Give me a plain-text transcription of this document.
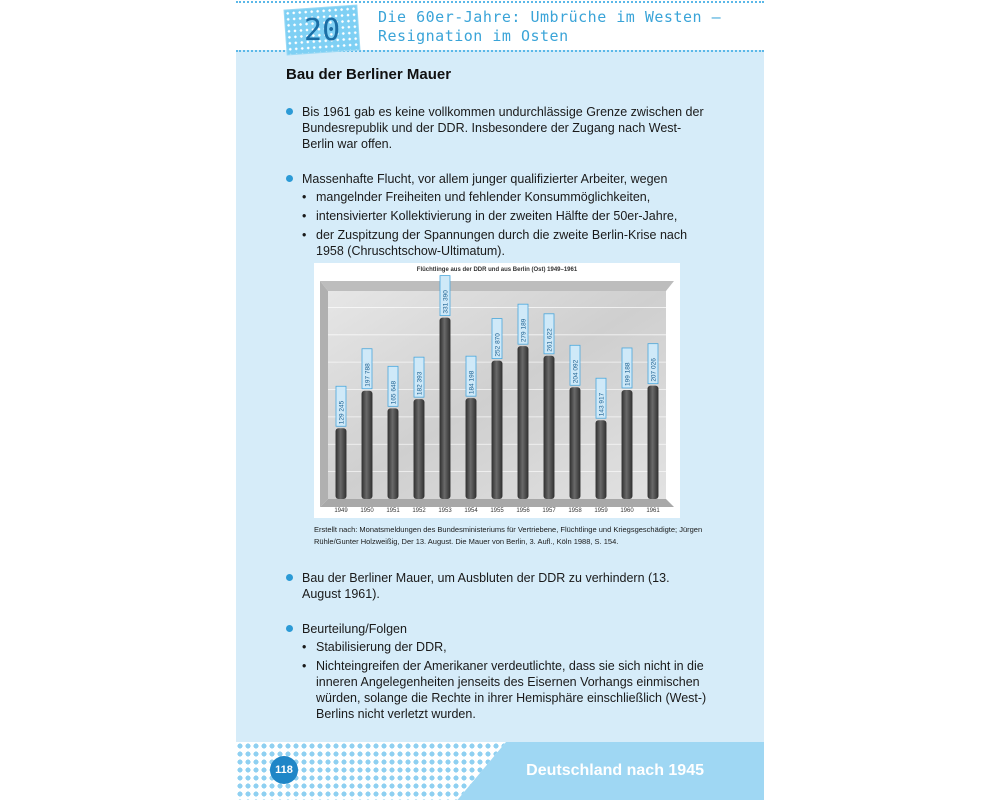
20	Die 60er-Jahre: Umbrüche im Westen – Resignation im Osten
Bau der Berliner Mauer
Bis 1961 gab es keine vollkommen undurchlässige Grenze zwischen der Bundesrepublik und der DDR. Insbesondere der Zugang nach West-Berlin war offen.
Massenhafte Flucht, vor allem junger qualifizierter Arbeiter, wegen
• mangelnder Freiheiten und fehlender Konsummöglichkeiten,
• intensivierter Kollektivierung in der zweiten Hälfte der 50er-Jahre,
• der Zuspitzung der Spannungen durch die zweite Berlin-Krise nach 1958 (Chruschtschow-Ultimatum).
Flüchtlinge aus der DDR und aus Berlin (Ost) 1949–1961
129 245
197 788
165 648	182 393
331 390
184 198
252 870
279 189	261 622
204 092
143 917
199 188	207 026
1949 1950 1951 1952 1953 1954 1955 1956 1957 1958 1959 1960 1961
Erstellt nach: Monatsmeldungen des Bundesministeriums für Vertriebene, Flüchtlinge und Kriegsgeschädigte; Jürgen Rühle/Gunter Holzweißig, Der 13. August. Die Mauer von Berlin, 3. Aufl., Köln 1988, S. 154.
Bau der Berliner Mauer, um Ausbluten der DDR zu verhindern (13. August 1961).
Beurteilung/Folgen
• Stabilisierung der DDR,
• Nichteingreifen der Amerikaner verdeutlichte, dass sie sich nicht in die inneren Angelegenheiten jenseits des Eisernen Vorhangs einmischen würden, solange die Rechte in ihrer Hemisphäre einschließlich (West-) Berlins nicht verletzt wurden.
118	Deutschland nach 1945
